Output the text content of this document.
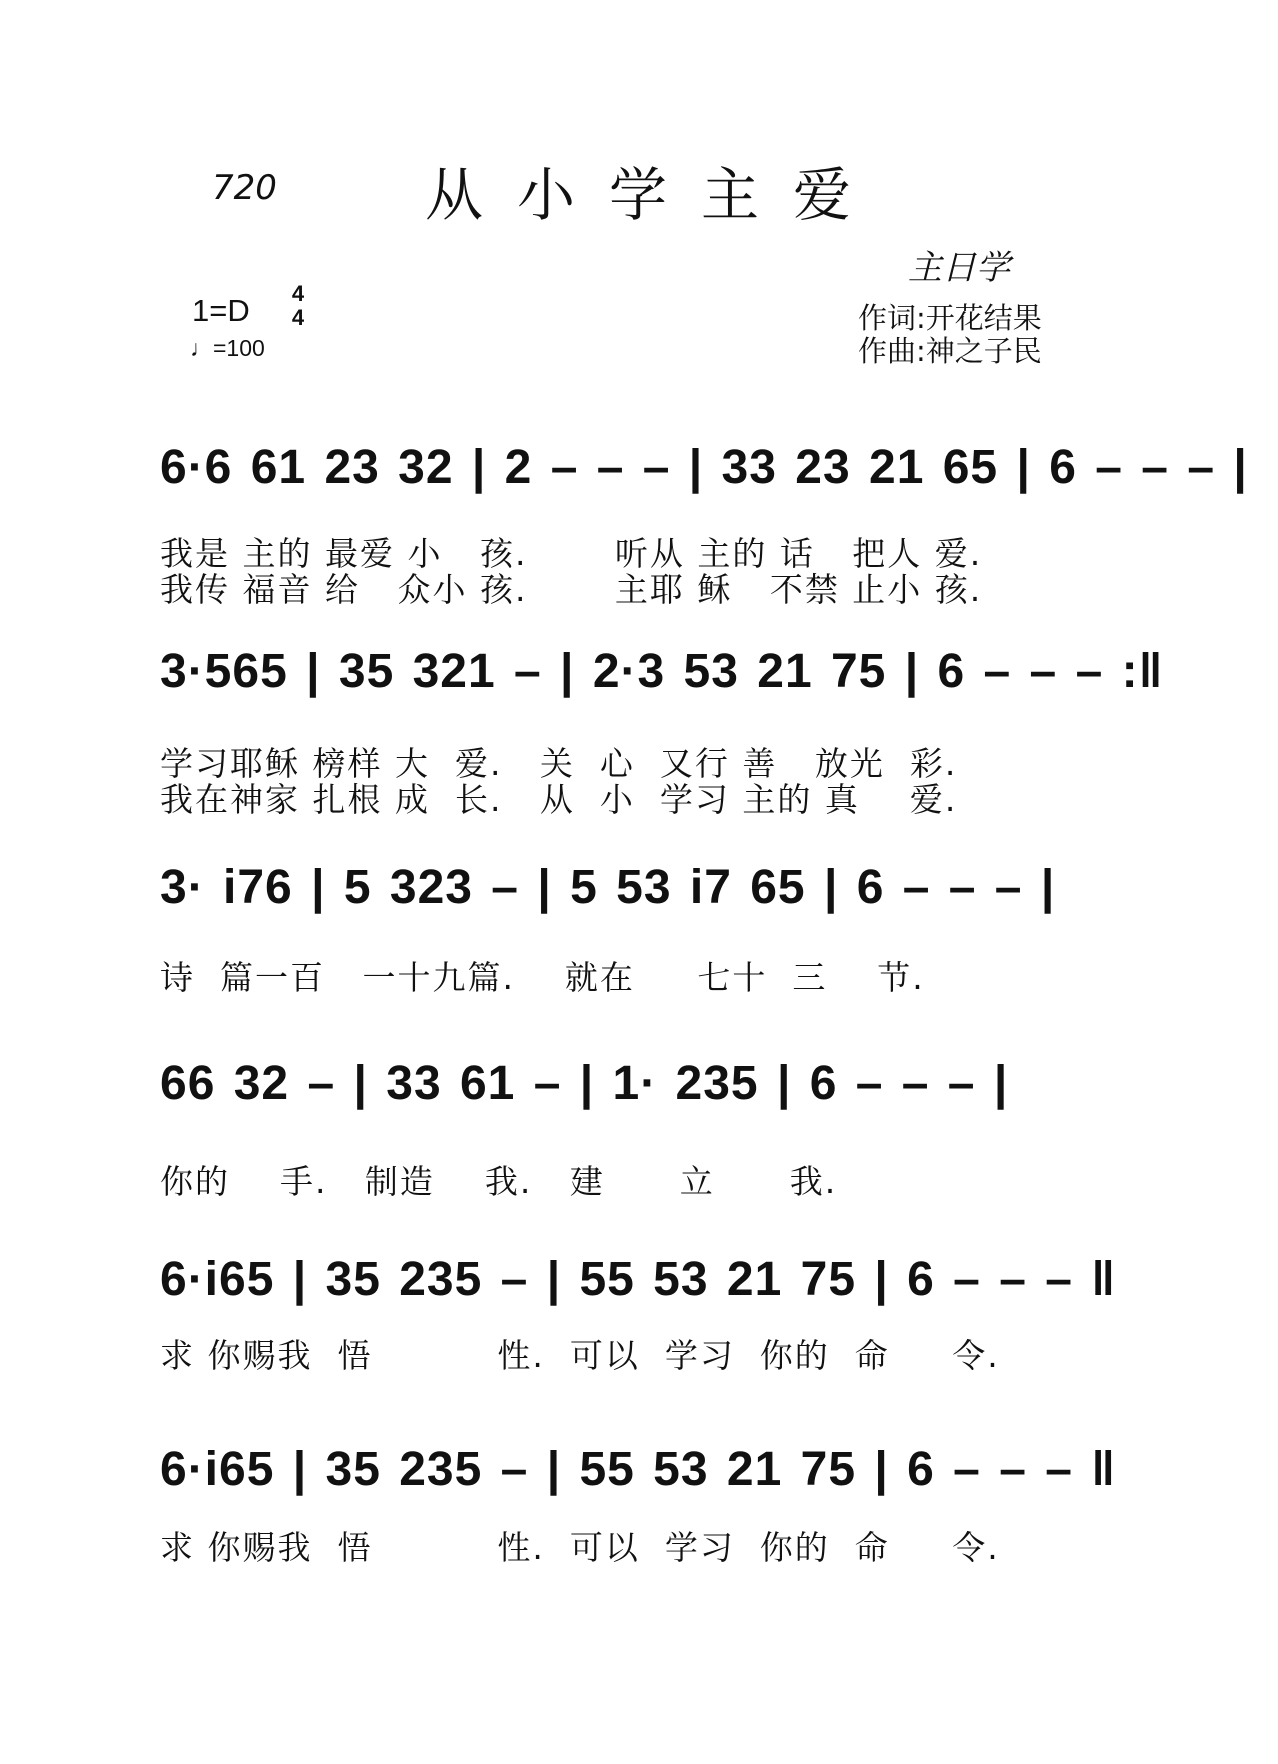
720	从小学主爱
主日学
1=D 4
4
♩=100
作词:开花结果
作曲:神之子民
6·6 61 23 32 | 2 – – – | 33 23 21 65 | 6 – – – |
我是 主的 最爱 小   孩.       听从 主的 话   把人 爱.
我传 福音 给   众小 孩.       主耶 稣   不禁 止小 孩.
3·565 | 35 321 – | 2·3 53 21 75 | 6 – – – :‖
学习耶稣 榜样 大  爱.   关  心  又行 善   放光  彩.
我在神家 扎根 成  长.   从  小  学习 主的 真    爱.
3· i76 | 5 323 – | 5 53 i7 65 | 6 – – – |
诗  篇一百   一十九篇.    就在     七十  三    节.
66 32 – | 33 61 – | 1· 235 | 6 – – – |
你的    手.   制造    我.   建      立      我.
6·i65 | 35 235 – | 55 53 21 75 | 6 – – – ‖
求 你赐我  悟          性.  可以  学习  你的  命     令.
6·i65 | 35 235 – | 55 53 21 75 | 6 – – – ‖
求 你赐我  悟          性.  可以  学习  你的  命     令.
